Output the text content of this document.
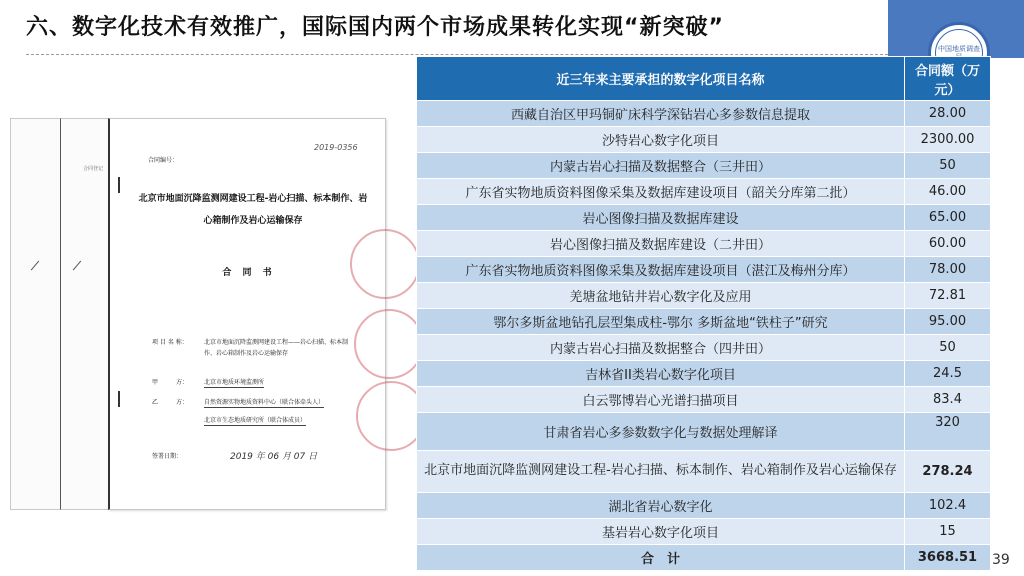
六、数字化技术有效推广，国际国内两个市场成果转化实现“新突破”
中国地质调查
合同登记
合同编号：
2019-0356
北京市地面沉降监测网建设工程-岩心扫描、标本制作、岩心箱制作及岩心运输保存
合 同 书
项 目 名 称：	北京市地面沉降监测网建设工程——岩心扫描、标本制作、岩心箱制作及岩心运输保存
甲　　　方：	北京市地质环境监测所
乙　　　方：	自然资源实物地质资料中心（联合体牵头人）
北京市生态地质研究所（联合体成员）
签署日期：	2019 年 06 月 07 日
近三年来主要承担的数字化项目名称	合同额（万元）
西藏自治区甲玛铜矿床科学深钻岩心多参数信息提取	28.00
沙特岩心数字化项目	2300.00
内蒙古岩心扫描及数据整合（三井田）	50
广东省实物地质资料图像采集及数据库建设项目（韶关分库第二批）	46.00
岩心图像扫描及数据库建设	65.00
岩心图像扫描及数据库建设（二井田）	60.00
广东省实物地质资料图像采集及数据库建设项目（湛江及梅州分库）	78.00
羌塘盆地钻井岩心数字化及应用	72.81
鄂尔多斯盆地钻孔层型集成柱-鄂尔 多斯盆地“铁柱子”研究	95.00
内蒙古岩心扫描及数据整合（四井田）	50
吉林省II类岩心数字化项目	24.5
白云鄂博岩心光谱扫描项目	83.4
甘肃省岩心多参数数字化与数据处理解译	320
北京市地面沉降监测网建设工程-岩心扫描、标本制作、岩心箱制作及岩心运输保存	278.24
湖北省岩心数字化	102.4
基岩岩心数字化项目	15
合　计	3668.51 39
